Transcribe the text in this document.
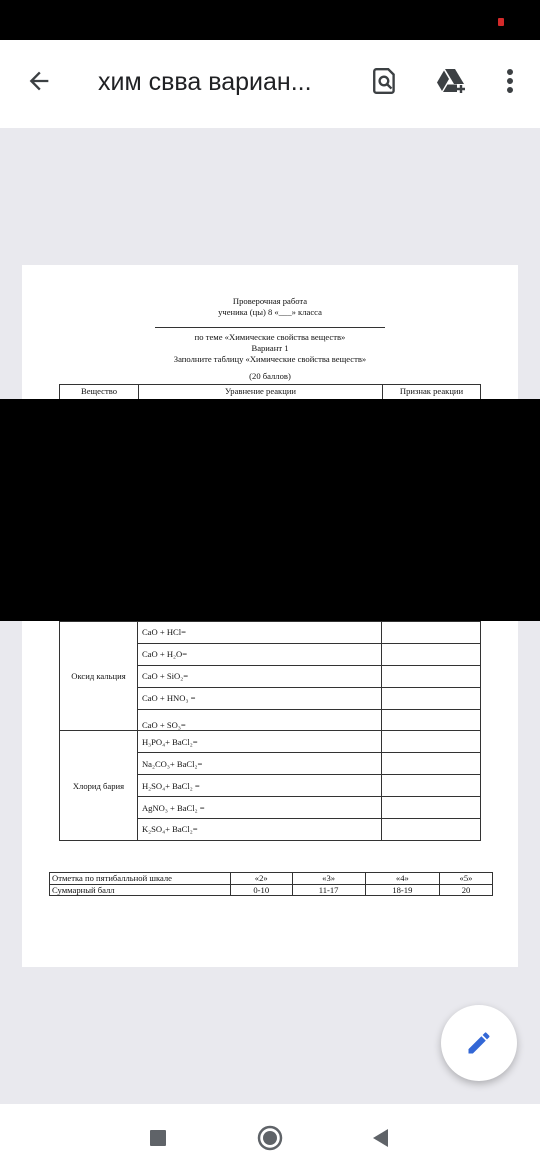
хим свва вариан...
Проверочная работа
ученика (цы) 8 «___» класса
по теме «Химические свойства веществ»
Вариант 1
Заполните таблицу «Химические свойства веществ»
(20 баллов)
Вещество	Уравнение реакции	Признак реакции
Оксид кальция	CaO + HCl=	
	CaO + H₂O=	
	CaO + SiO₂=	
	CaO + HNO₃ =	
	CaO + SO₃=	
Хлорид бария	H₃PO₄+ BaCl₂=	
	Na₂CO₃+ BaCl₂=	
	H₂SO₄+ BaCl₂ =	
	AgNO₃ + BaCl₂ =	
	K₂SO₄+ BaCl₂=	
Отметка по пятибалльной шкале	«2»	«3»	«4»	«5»
Суммарный балл	0-10	11-17	18-19	20
